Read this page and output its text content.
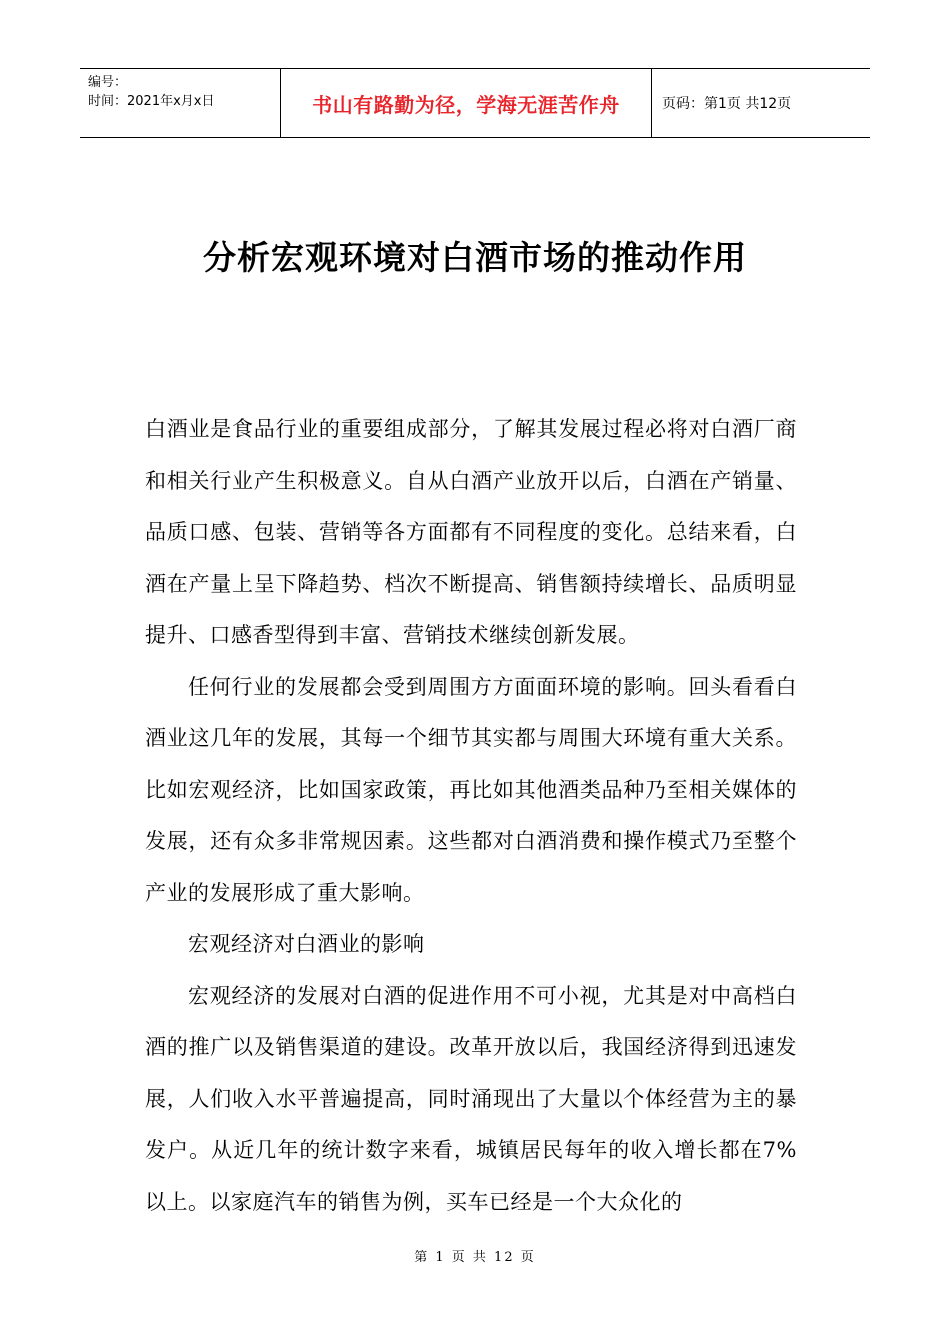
编号：
时间：2021年x月x日	书山有路勤为径，学海无涯苦作舟	页码：第1页 共12页
分析宏观环境对白酒市场的推动作用

白酒业是食品行业的重要组成部分，了解其发展过程必将对白酒厂商和相关行业产生积极意义。自从白酒产业放开以后，白酒在产销量、品质口感、包装、营销等各方面都有不同程度的变化。总结来看，白酒在产量上呈下降趋势、档次不断提高、销售额持续增长、品质明显提升、口感香型得到丰富、营销技术继续创新发展。

任何行业的发展都会受到周围方方面面环境的影响。回头看看白酒业这几年的发展，其每一个细节其实都与周围大环境有重大关系。比如宏观经济，比如国家政策，再比如其他酒类品种乃至相关媒体的发展，还有众多非常规因素。这些都对白酒消费和操作模式乃至整个产业的发展形成了重大影响。

宏观经济对白酒业的影响

宏观经济的发展对白酒的促进作用不可小视，尤其是对中高档白酒的推广以及销售渠道的建设。改革开放以后，我国经济得到迅速发展，人们收入水平普遍提高，同时涌现出了大量以个体经营为主的暴发户。从近几年的统计数字来看，城镇居民每年的收入增长都在7%以上。以家庭汽车的销售为例，买车已经是一个大众化的

第 1 页 共 12 页
